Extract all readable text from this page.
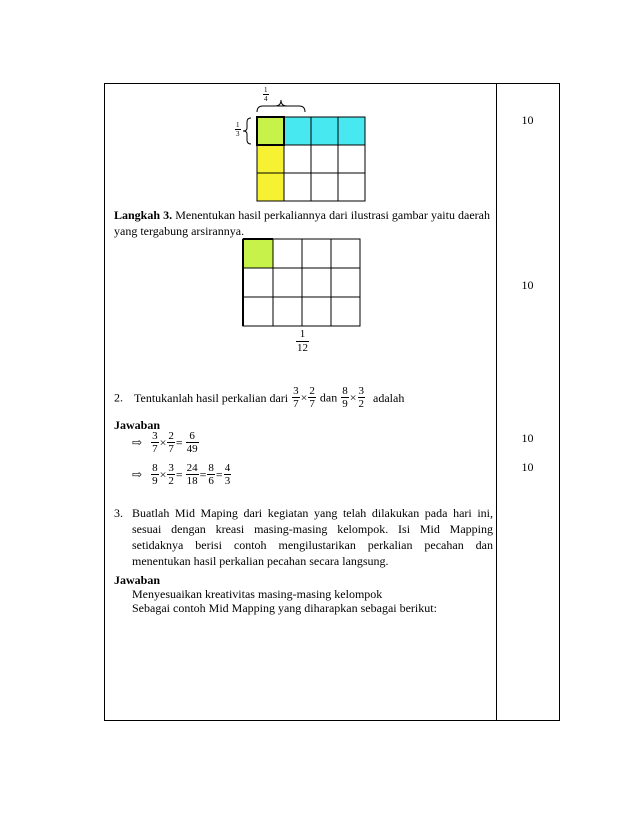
$\frac{1}{4}$
$\frac{1}{3}$
Langkah 3. Menentukan hasil perkaliannya dari ilustrasi gambar yaitu daerah yang tergabung arsirannya.
$\frac{1}{12}$
2. Tentukanlah hasil perkalian dari $\frac{3}{7} \times \frac{2}{7}$ dan $\frac{8}{9} \times \frac{3}{2}$ adalah
Jawaban
⇨ $\frac{3}{7} \times \frac{2}{7} = \frac{6}{49}$
⇨ $\frac{8}{9} \times \frac{3}{2} = \frac{24}{18} = \frac{8}{6} = \frac{4}{3}$
3. Buatlah Mid Maping dari kegiatan yang telah dilakukan pada hari ini, sesuai dengan kreasi masing-masing kelompok. Isi Mid Mapping setidaknya berisi contoh mengilustarikan perkalian pecahan dan menentukan hasil perkalian pecahan secara langsung.
Jawaban
Menyesuaikan kreativitas masing-masing kelompok
Sebagai contoh Mid Mapping yang diharapkan sebagai berikut:
10
10
10
10
